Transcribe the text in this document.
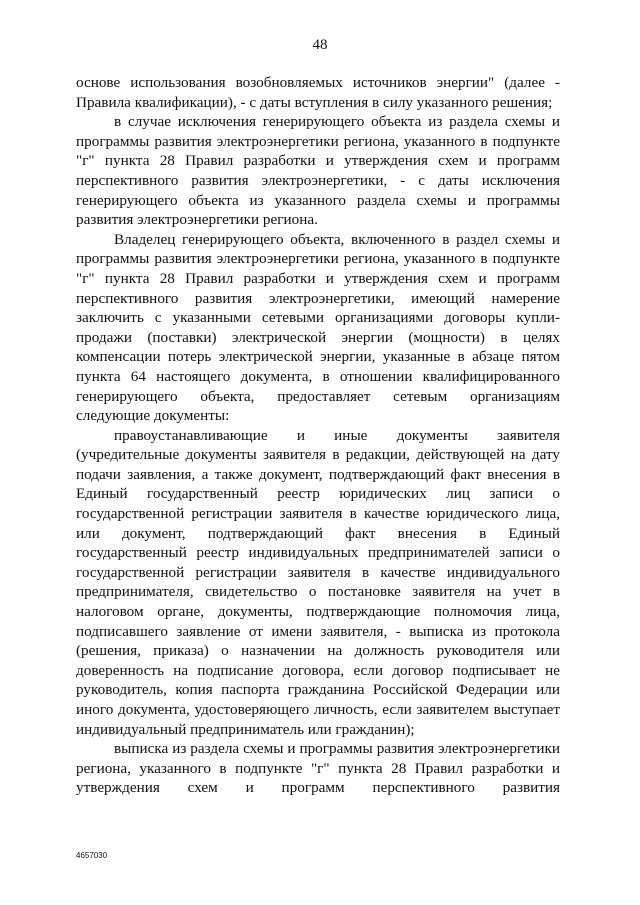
48

основе использования возобновляемых источников энергии" (далее - Правила квалификации), - с даты вступления в силу указанного решения;

в случае исключения генерирующего объекта из раздела схемы и программы развития электроэнергетики региона, указанного в подпункте "г" пункта 28 Правил разработки и утверждения схем и программ перспективного развития электроэнергетики, - с даты исключения генерирующего объекта из указанного раздела схемы и программы развития электроэнергетики региона.

Владелец генерирующего объекта, включенного в раздел схемы и программы развития электроэнергетики региона, указанного в подпункте "г" пункта 28 Правил разработки и утверждения схем и программ перспективного развития электроэнергетики, имеющий намерение заключить с указанными сетевыми организациями договоры купли-продажи (поставки) электрической энергии (мощности) в целях компенсации потерь электрической энергии, указанные в абзаце пятом пункта 64 настоящего документа, в отношении квалифицированного генерирующего объекта, предоставляет сетевым организациям следующие документы:

правоустанавливающие и иные документы заявителя (учредительные документы заявителя в редакции, действующей на дату подачи заявления, а также документ, подтверждающий факт внесения в Единый государственный реестр юридических лиц записи о государственной регистрации заявителя в качестве юридического лица, или документ, подтверждающий факт внесения в Единый государственный реестр индивидуальных предпринимателей записи о государственной регистрации заявителя в качестве индивидуального предпринимателя, свидетельство о постановке заявителя на учет в налоговом органе, документы, подтверждающие полномочия лица, подписавшего заявление от имени заявителя, - выписка из протокола (решения, приказа) о назначении на должность руководителя или доверенность на подписание договора, если договор подписывает не руководитель, копия паспорта гражданина Российской Федерации или иного документа, удостоверяющего личность, если заявителем выступает индивидуальный предприниматель или гражданин);

выписка из раздела схемы и программы развития электроэнергетики региона, указанного в подпункте "г" пункта 28 Правил разработки и утверждения схем и программ перспективного развития

4657030
